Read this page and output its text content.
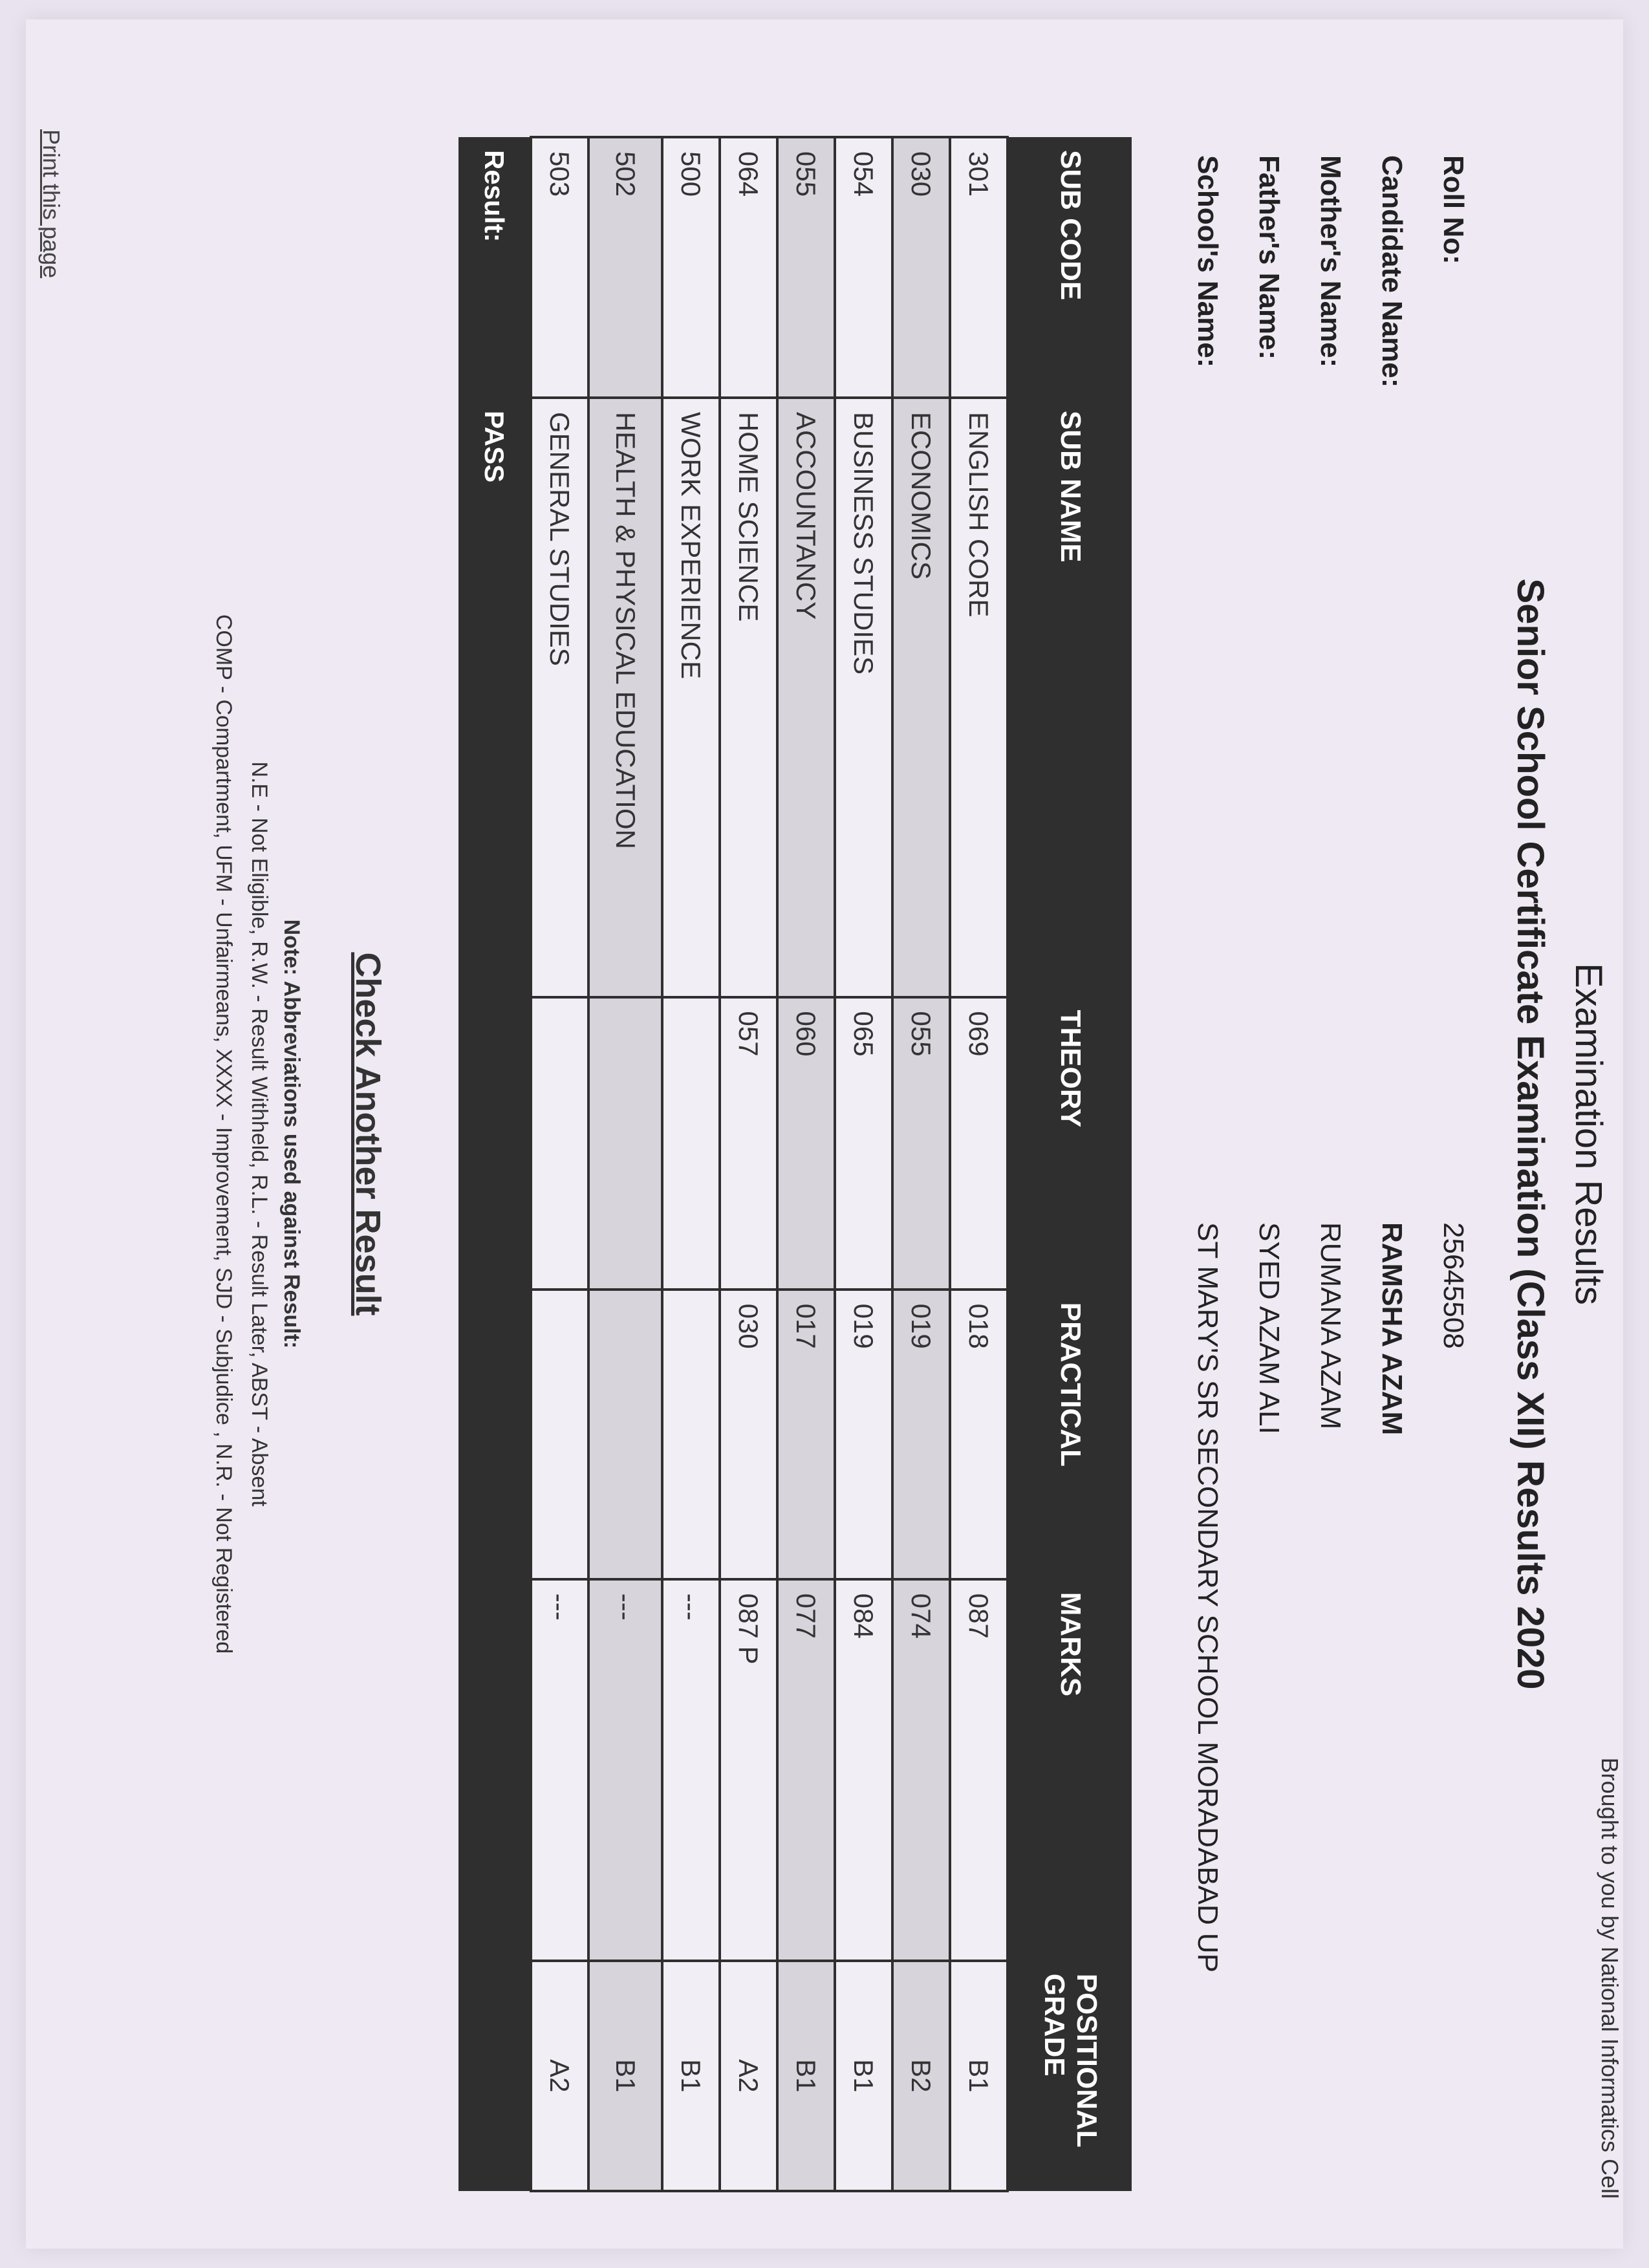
Brought to you by National Informatics Cell
Print this page
Examination Results
Senior School Certificate Examination (Class XII) Results 2020
Roll No:
25645508
Candidate Name:
RAMSHA AZAM
Mother's Name:
RUMANA AZAM
Father's Name:
SYED AZAM ALI
School's Name:
ST MARY'S SR SECONDARY SCHOOL MORADABAD UP
SUB CODE	SUB NAME	THEORY	PRACTICAL	MARKS	POSITIONAL GRADE
301	ENGLISH CORE	069	018	087	B1
030	ECONOMICS	055	019	074	B2
054	BUSINESS STUDIES	065	019	084	B1
055	ACCOUNTANCY	060	017	077	B1
064	HOME SCIENCE	057	030	087 P	A2
500	WORK EXPERIENCE			---	B1
502	HEALTH & PHYSICAL EDUCATION			---	B1
503	GENERAL STUDIES			---	A2
Result:	PASS				
Check Another Result
Note: Abbreviations used against Result:
N.E - Not Eligible, R.W. - Result Withheld, R.L. - Result Later, ABST - Absent
COMP - Compartment, UFM - Unfairmeans, XXXX - Improvement, SJD - Subjudice , N.R. - Not Registered
